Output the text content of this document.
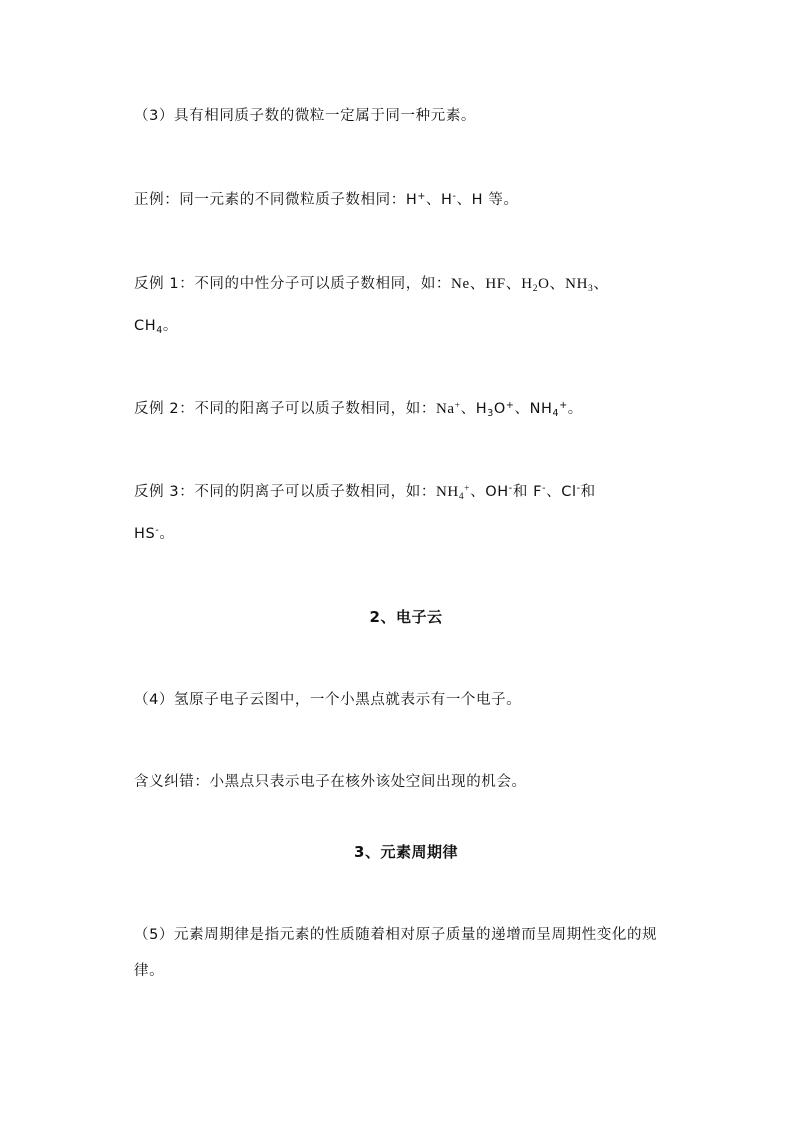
（3）具有相同质子数的微粒一定属于同一种元素。
正例：同一元素的不同微粒质子数相同：H+、H-、H 等。
反例 1：不同的中性分子可以质子数相同，如：Ne、HF、$H_2O$、$NH_3$、
$CH_4$。
反例 2：不同的阳离子可以质子数相同，如：Na+、$H_3O^+$、$NH_4^+$。
反例 3：不同的阴离子可以质子数相同，如：$NH_4^+$、OH-和 F-、Cl-和
HS-。
2、电子云
（4）氢原子电子云图中，一个小黑点就表示有一个电子。
含义纠错：小黑点只表示电子在核外该处空间出现的机会。
3、元素周期律
（5）元素周期律是指元素的性质随着相对原子质量的递增而呈周期性变化的规
律。
